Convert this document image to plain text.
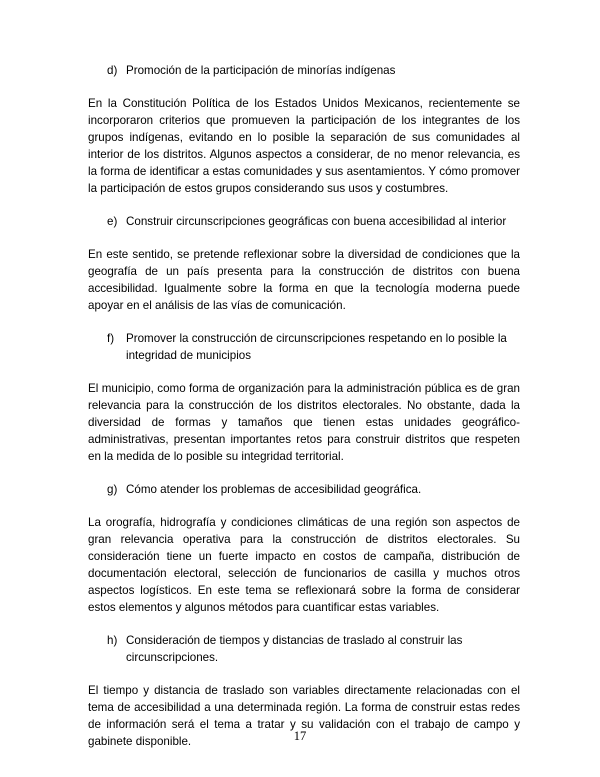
d) Promoción de la participación de minorías indígenas

En la Constitución Política de los Estados Unidos Mexicanos, recientemente se incorporaron criterios que promueven la participación de los integrantes de los grupos indígenas, evitando en lo posible la separación de sus comunidades al interior de los distritos. Algunos aspectos a considerar, de no menor relevancia, es la forma de identificar a estas comunidades y sus asentamientos. Y cómo promover la participación de estos grupos considerando sus usos y costumbres.

e) Construir circunscripciones geográficas con buena accesibilidad al interior

En este sentido, se pretende reflexionar sobre la diversidad de condiciones que la geografía de un país presenta para la construcción de distritos con buena accesibilidad. Igualmente sobre la forma en que la tecnología moderna puede apoyar en el análisis de las vías de comunicación.

f)	Promover la construcción de circunscripciones respetando en lo posible la integridad de municipios

El municipio, como forma de organización para la administración pública es de gran relevancia para la construcción de los distritos electorales. No obstante, dada la diversidad de formas y tamaños que tienen estas unidades geográfico-administrativas, presentan importantes retos para construir distritos que respeten en la medida de lo posible su integridad territorial.

g) Cómo atender los problemas de accesibilidad geográfica.

La orografía, hidrografía y condiciones climáticas de una región son aspectos de gran relevancia operativa para la construcción de distritos electorales. Su consideración tiene un fuerte impacto en costos de campaña, distribución de documentación electoral, selección de funcionarios de casilla y muchos otros aspectos logísticos. En este tema se reflexionará sobre la forma de considerar estos elementos y algunos métodos para cuantificar estas variables.

h) Consideración de tiempos y distancias de traslado al construir las circunscripciones.

El tiempo y distancia de traslado son variables directamente relacionadas con el tema de accesibilidad a una determinada región. La forma de construir estas redes de información será el tema a tratar y su validación con el trabajo de campo y gabinete disponible.	17
